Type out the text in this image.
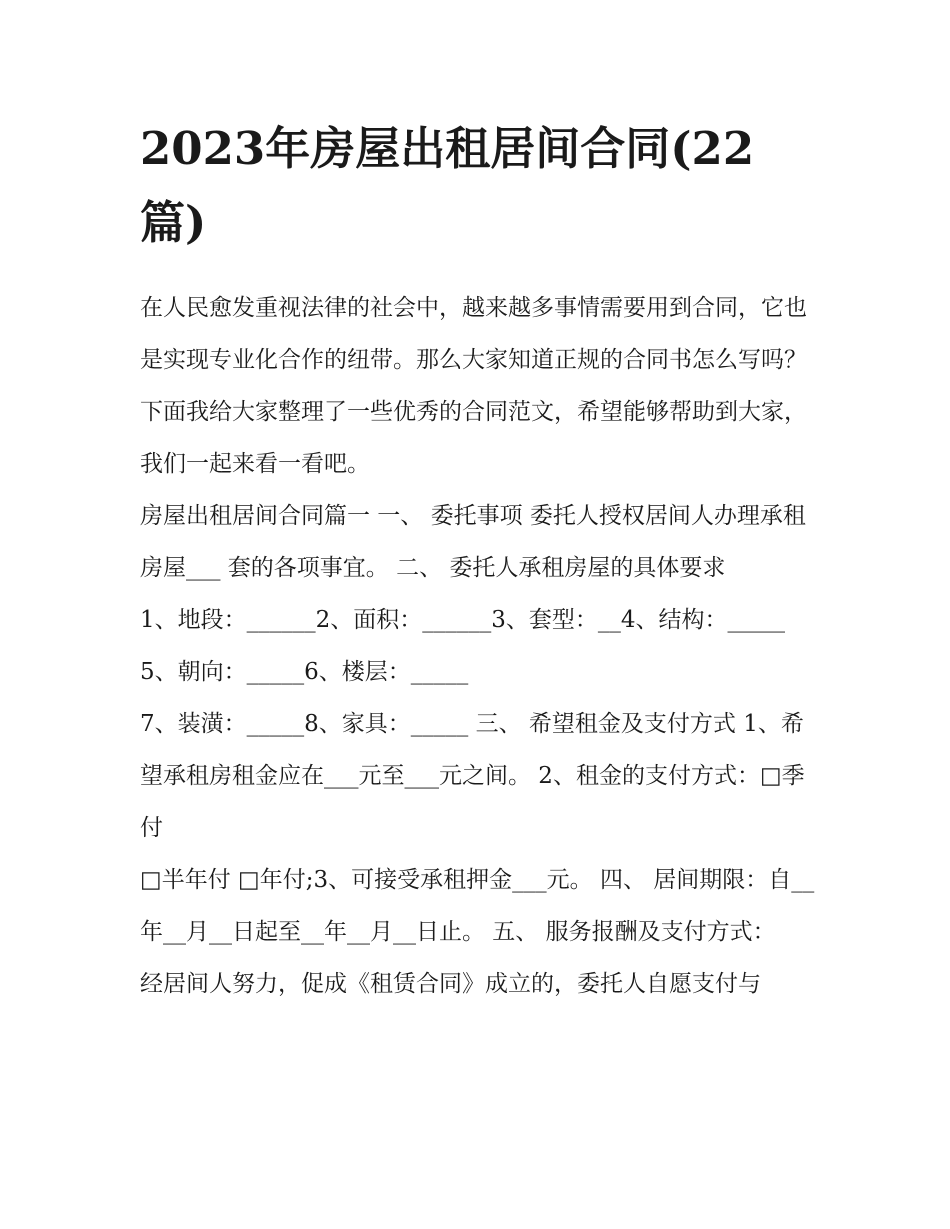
2023年房屋出租居间合同(22篇)

在人民愈发重视法律的社会中，越来越多事情需要用到合同，它也是实现专业化合作的纽带。那么大家知道正规的合同书怎么写吗？下面我给大家整理了一些优秀的合同范文，希望能够帮助到大家，我们一起来看一看吧。

房屋出租居间合同篇一 一、 委托事项 委托人授权居间人办理承租房屋___ 套的各项事宜。 二、 委托人承租房屋的具体要求

1、地段：______2、面积：______3、套型：__4、结构：_____5、朝向：_____6、楼层：_____

7、装潢：_____8、家具：_____ 三、 希望租金及支付方式 1、希望承租房租金应在___元至___元之间。 2、租金的支付方式：□季付

□半年付 □年付;3、可接受承租押金___元。 四、 居间期限：自__年__月__日起至__年__月__日止。 五、 服务报酬及支付方式：

经居间人努力，促成《租赁合同》成立的，委托人自愿支付与
